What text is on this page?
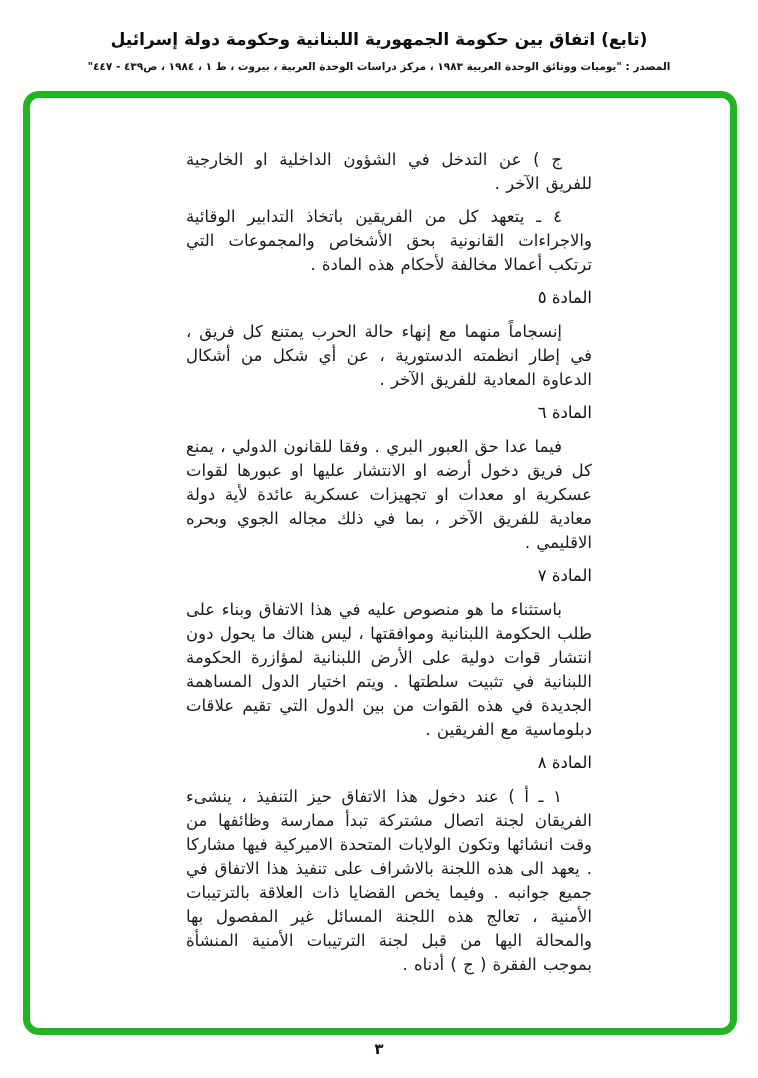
(تابع) اتفاق بين حكومة الجمهورية اللبنانية وحكومة دولة إسرائيل
المصدر : "يوميات ووثائق الوحدة العربية ١٩٨٣ ، مركز دراسات الوحدة العربية ، بيروت ، ط ١ ، ١٩٨٤ ، ص٤٣٩ - ٤٤٧"

ج ) عن التدخل في الشؤون الداخلية او الخارجية للفريق الآخر .

٤ ـ يتعهد كل من الفريقين باتخاذ التدابير الوقائية والاجراءات القانونية بحق الأشخاص والمجموعات التي ترتكب أعمالا مخالفة لأحكام هذه المادة .

المادة ٥

إنسجاماً منهما مع إنهاء حالة الحرب يمتنع كل فريق ، في إطار انظمته الدستورية ، عن أي شكل من أشكال الدعاوة المعادية للفريق الآخر .

المادة ٦

فيما عدا حق العبور البري . وفقا للقانون الدولي ، يمنع كل فريق دخول أرضه او الانتشار عليها او عبورها لقوات عسكرية او معدات او تجهيزات عسكرية عائدة لأية دولة معادية للفريق الآخر ، بما في ذلك مجاله الجوي وبحره الاقليمي .

المادة ٧

باستثناء ما هو منصوص عليه في هذا الاتفاق وبناء على طلب الحكومة اللبنانية وموافقتها ، ليس هناك ما يحول دون انتشار قوات دولية على الأرض اللبنانية لمؤازرة الحكومة اللبنانية في تثبيت سلطتها . ويتم اختيار الدول المساهمة الجديدة في هذه القوات من بين الدول التي تقيم علاقات دبلوماسية مع الفريقين .

المادة ٨

١ ـ أ ) عند دخول هذا الاتفاق حيز التنفيذ ، ينشىء الفريقان لجنة اتصال مشتركة تبدأ ممارسة وظائفها من وقت انشائها وتكون الولايات المتحدة الاميركية فيها مشاركا . يعهد الى هذه اللجنة بالاشراف على تنفيذ هذا الاتفاق في جميع جوانبه . وفيما يخص القضايا ذات العلاقة بالترتيبات الأمنية ، تعالج هذه اللجنة المسائل غير المفصول بها والمحالة اليها من قبل لجنة الترتيبات الأمنية المنشأة بموجب الفقرة ( ج ) أدناه .

٣
